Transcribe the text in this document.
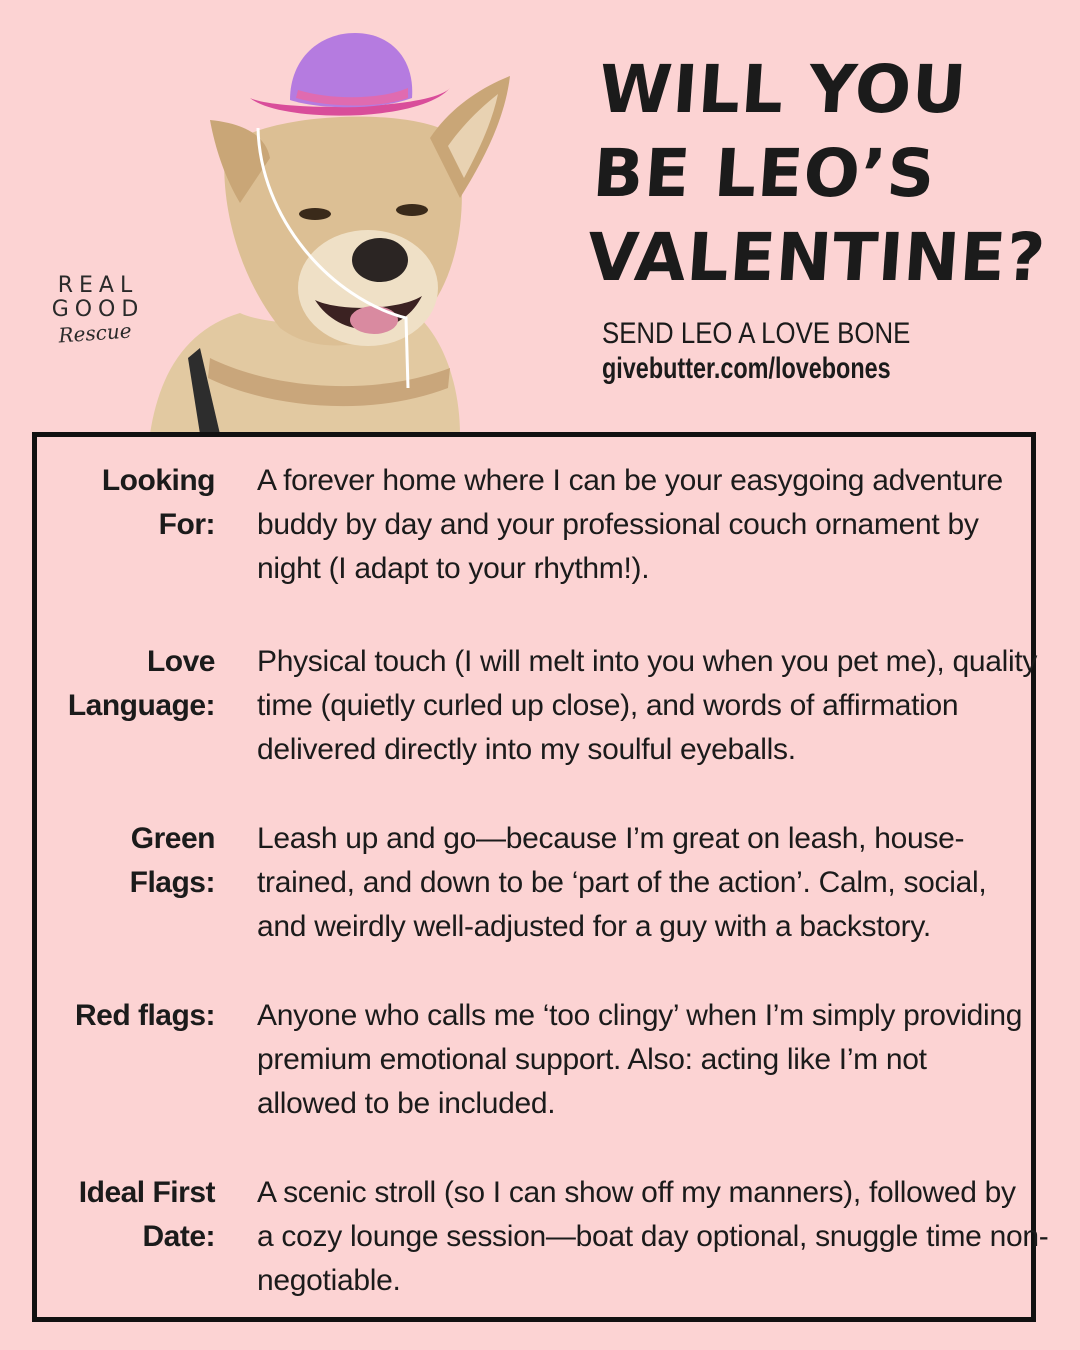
REAL
GOOD
Rescue
WILL YOU
BE LEO’S
VALENTINE?
SEND LEO A LOVE BONE
givebutter.com/lovebones
Looking
For:
A forever home where I can be your easygoing adventure
buddy by day and your professional couch ornament by
night (I adapt to your rhythm!).
Love
Language:
Physical touch (I will melt into you when you pet me), quality
time (quietly curled up close), and words of affirmation
delivered directly into my soulful eyeballs.
Green
Flags:
Leash up and go—because I’m great on leash, house-
trained, and down to be ‘part of the action’. Calm, social,
and weirdly well-adjusted for a guy with a backstory.
Red flags: Anyone who calls me ‘too clingy’ when I’m simply providing
premium emotional support. Also: acting like I’m not
allowed to be included.
Ideal First
Date:
A scenic stroll (so I can show off my manners), followed by
a cozy lounge session—boat day optional, snuggle time non-
negotiable.
